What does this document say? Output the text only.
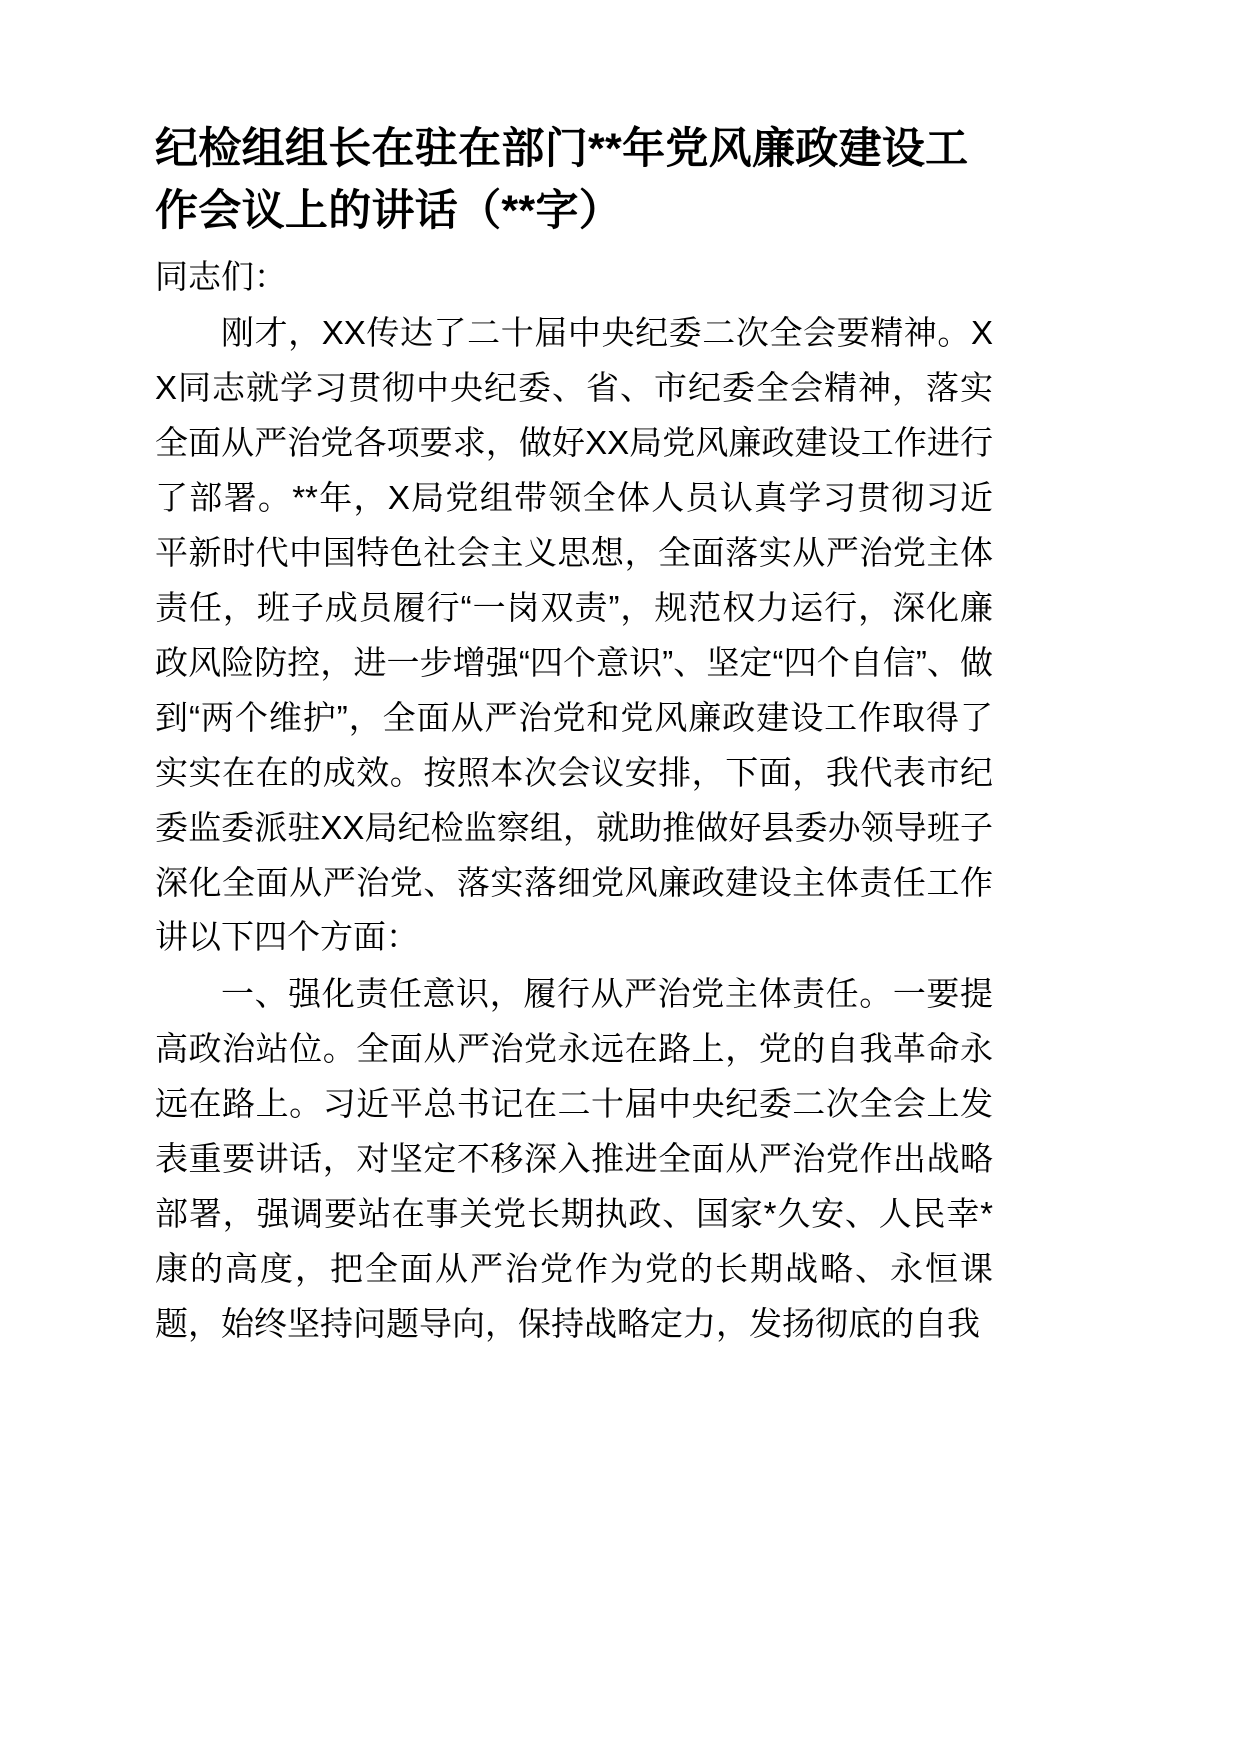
纪检组组长在驻在部门**年党风廉政建设工作会议上的讲话（**字）

同志们：

刚才，XX传达了二十届中央纪委二次全会要精神。XX同志就学习贯彻中央纪委、省、市纪委全会精神，落实全面从严治党各项要求，做好XX局党风廉政建设工作进行了部署。**年，X局党组带领全体人员认真学习贯彻习近平新时代中国特色社会主义思想，全面落实从严治党主体责任，班子成员履行“一岗双责”，规范权力运行，深化廉政风险防控，进一步增强“四个意识”、坚定“四个自信”、做到“两个维护”，全面从严治党和党风廉政建设工作取得了实实在在的成效。按照本次会议安排，下面，我代表市纪委监委派驻XX局纪检监察组，就助推做好县委办领导班子深化全面从严治党、落实落细党风廉政建设主体责任工作讲以下四个方面：

一、强化责任意识，履行从严治党主体责任。一要提高政治站位。全面从严治党永远在路上，党的自我革命永远在路上。习近平总书记在二十届中央纪委二次全会上发表重要讲话，对坚定不移深入推进全面从严治党作出战略部署，强调要站在事关党长期执政、国家*久安、人民幸*康的高度，把全面从严治党作为党的长期战略、永恒课题，始终坚持问题导向，保持战略定力，发扬彻底的自我
